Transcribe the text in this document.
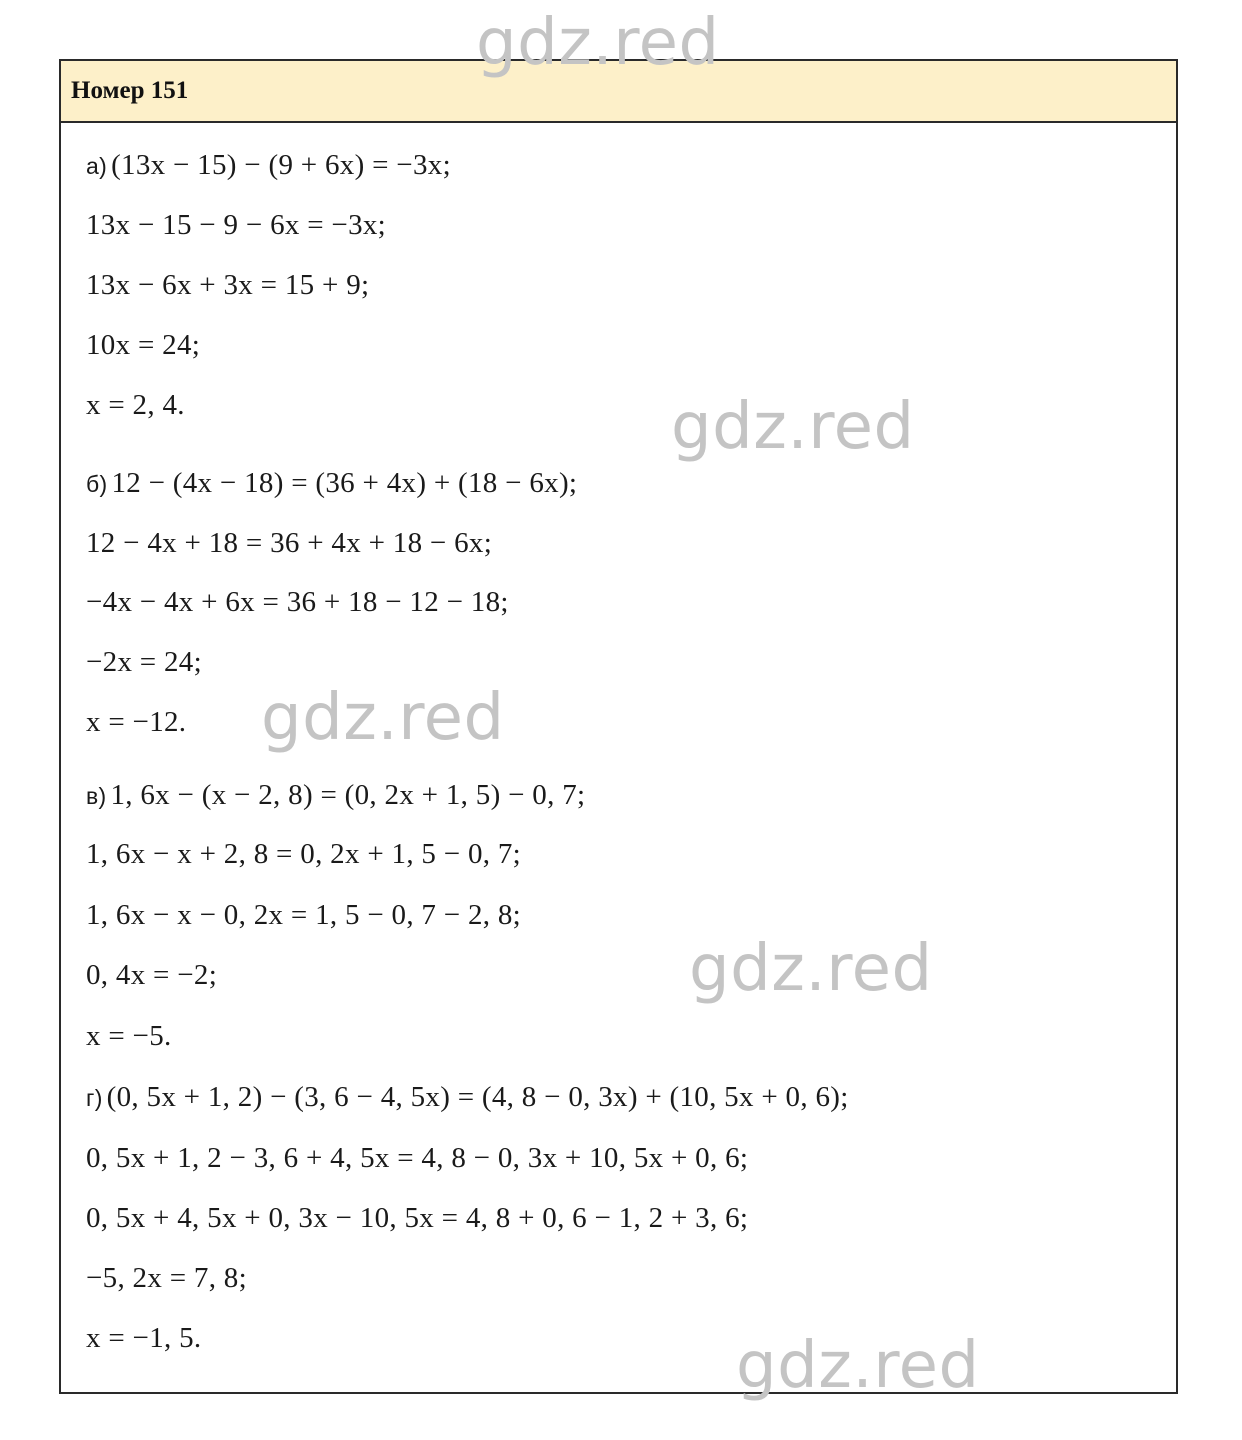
Номер 151
а) (13x − 15) − (9 + 6x) = −3x;
13x − 15 − 9 − 6x = −3x;
13x − 6x + 3x = 15 + 9;
10x = 24;
x = 2, 4.
б) 12 − (4x − 18) = (36 + 4x) + (18 − 6x);
12 − 4x + 18 = 36 + 4x + 18 − 6x;
−4x − 4x + 6x = 36 + 18 − 12 − 18;
−2x = 24;
x = −12.
в) 1, 6x − (x − 2, 8) = (0, 2x + 1, 5) − 0, 7;
1, 6x − x + 2, 8 = 0, 2x + 1, 5 − 0, 7;
1, 6x − x − 0, 2x = 1, 5 − 0, 7 − 2, 8;
0, 4x = −2;
x = −5.
г) (0, 5x + 1, 2) − (3, 6 − 4, 5x) = (4, 8 − 0, 3x) + (10, 5x + 0, 6);
0, 5x + 1, 2 − 3, 6 + 4, 5x = 4, 8 − 0, 3x + 10, 5x + 0, 6;
0, 5x + 4, 5x + 0, 3x − 10, 5x = 4, 8 + 0, 6 − 1, 2 + 3, 6;
−5, 2x = 7, 8;
x = −1, 5.
gdz.red
gdz.red
gdz.red
gdz.red
gdz.red
